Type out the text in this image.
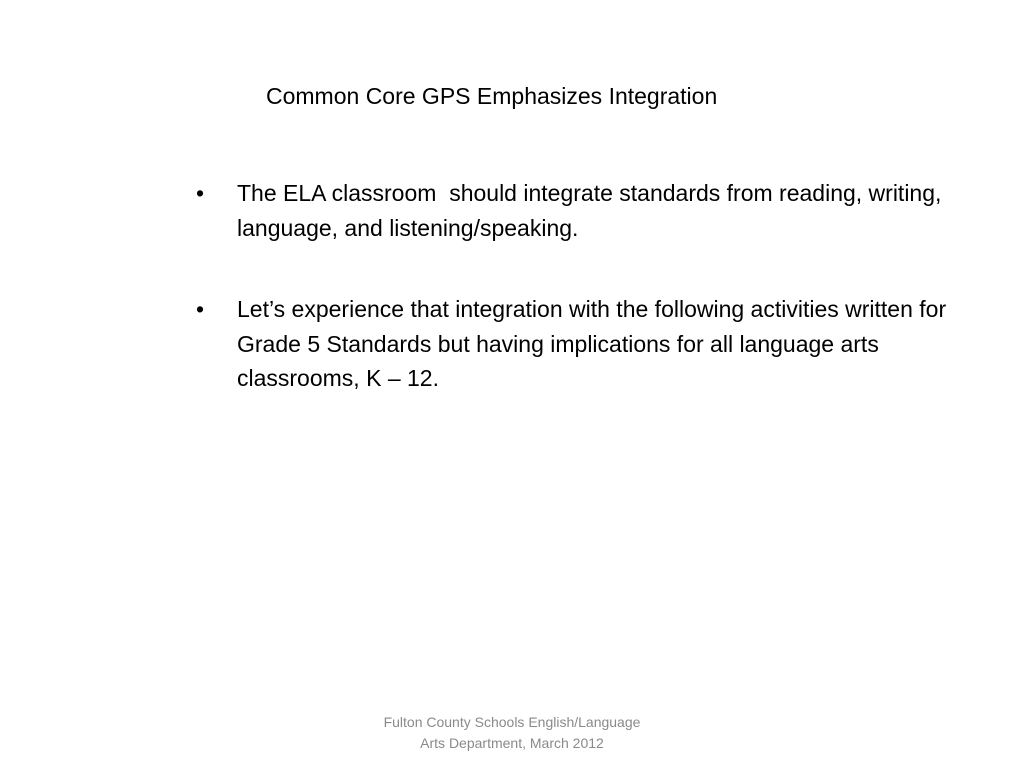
Common Core GPS Emphasizes Integration
•	The ELA classroom  should integrate standards from reading, writing, language, and listening/speaking.
•	Let’s experience that integration with the following activities written for Grade 5 Standards but having implications for all language arts classrooms, K – 12.
Fulton County Schools English/Language
Arts Department, March 2012
